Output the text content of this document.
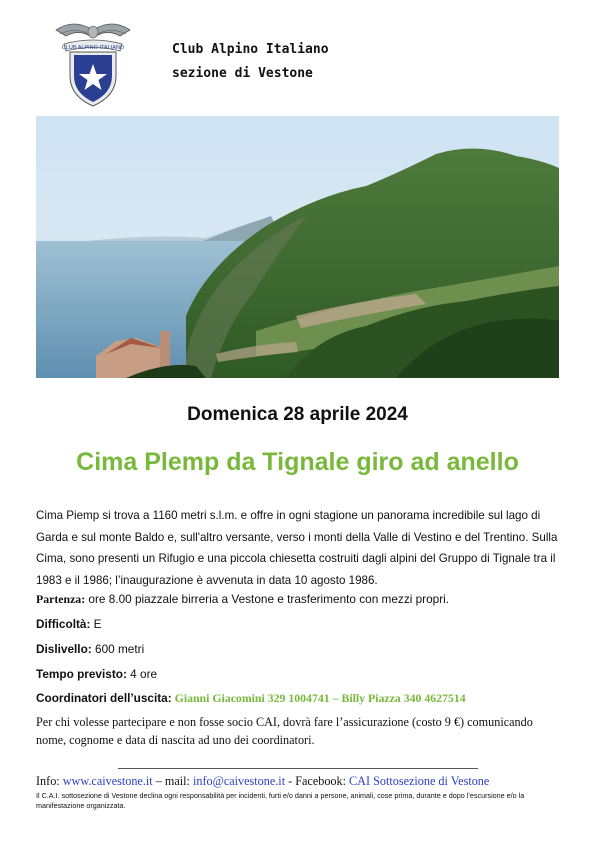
CLUB ALPINO ITALIANO	Club Alpino Italiano
sezione di Vestone
Domenica 28 aprile 2024
Cima Plemp da Tignale giro ad anello
Cima Piemp si trova a 1160 metri s.l.m. e offre in ogni stagione un panorama incredibile sul lago di Garda e sul monte Baldo e, sull'altro versante, verso i monti della Valle di Vestino e del Trentino. Sulla Cima, sono presenti un Rifugio e una piccola chiesetta costruiti dagli alpini del Gruppo di Tignale tra il 1983 e il 1986; l’inaugurazione è avvenuta in data 10 agosto 1986.
Partenza: ore 8.00 piazzale birreria a Vestone e trasferimento con mezzi propri.
Difficoltà: E
Dislivello: 600 metri
Tempo previsto: 4 ore
Coordinatori dell’uscita: Gianni Giacomini 329 1004741 – Billy Piazza 340 4627514
Per chi volesse partecipare e non fosse socio CAI, dovrà fare l’assicurazione (costo 9 €) comunicando nome, cognome e data di nascita ad uno dei coordinatori.
Info: www.caivestone.it – mail: info@caivestone.it - Facebook: CAI Sottosezione di Vestone
Il C.A.I. sottosezione di Vestone declina ogni responsabilità per incidenti, furti e/o danni a persone, animali, cose prima, durante e dopo l’escursione e/o la manifestazione organizzata.
